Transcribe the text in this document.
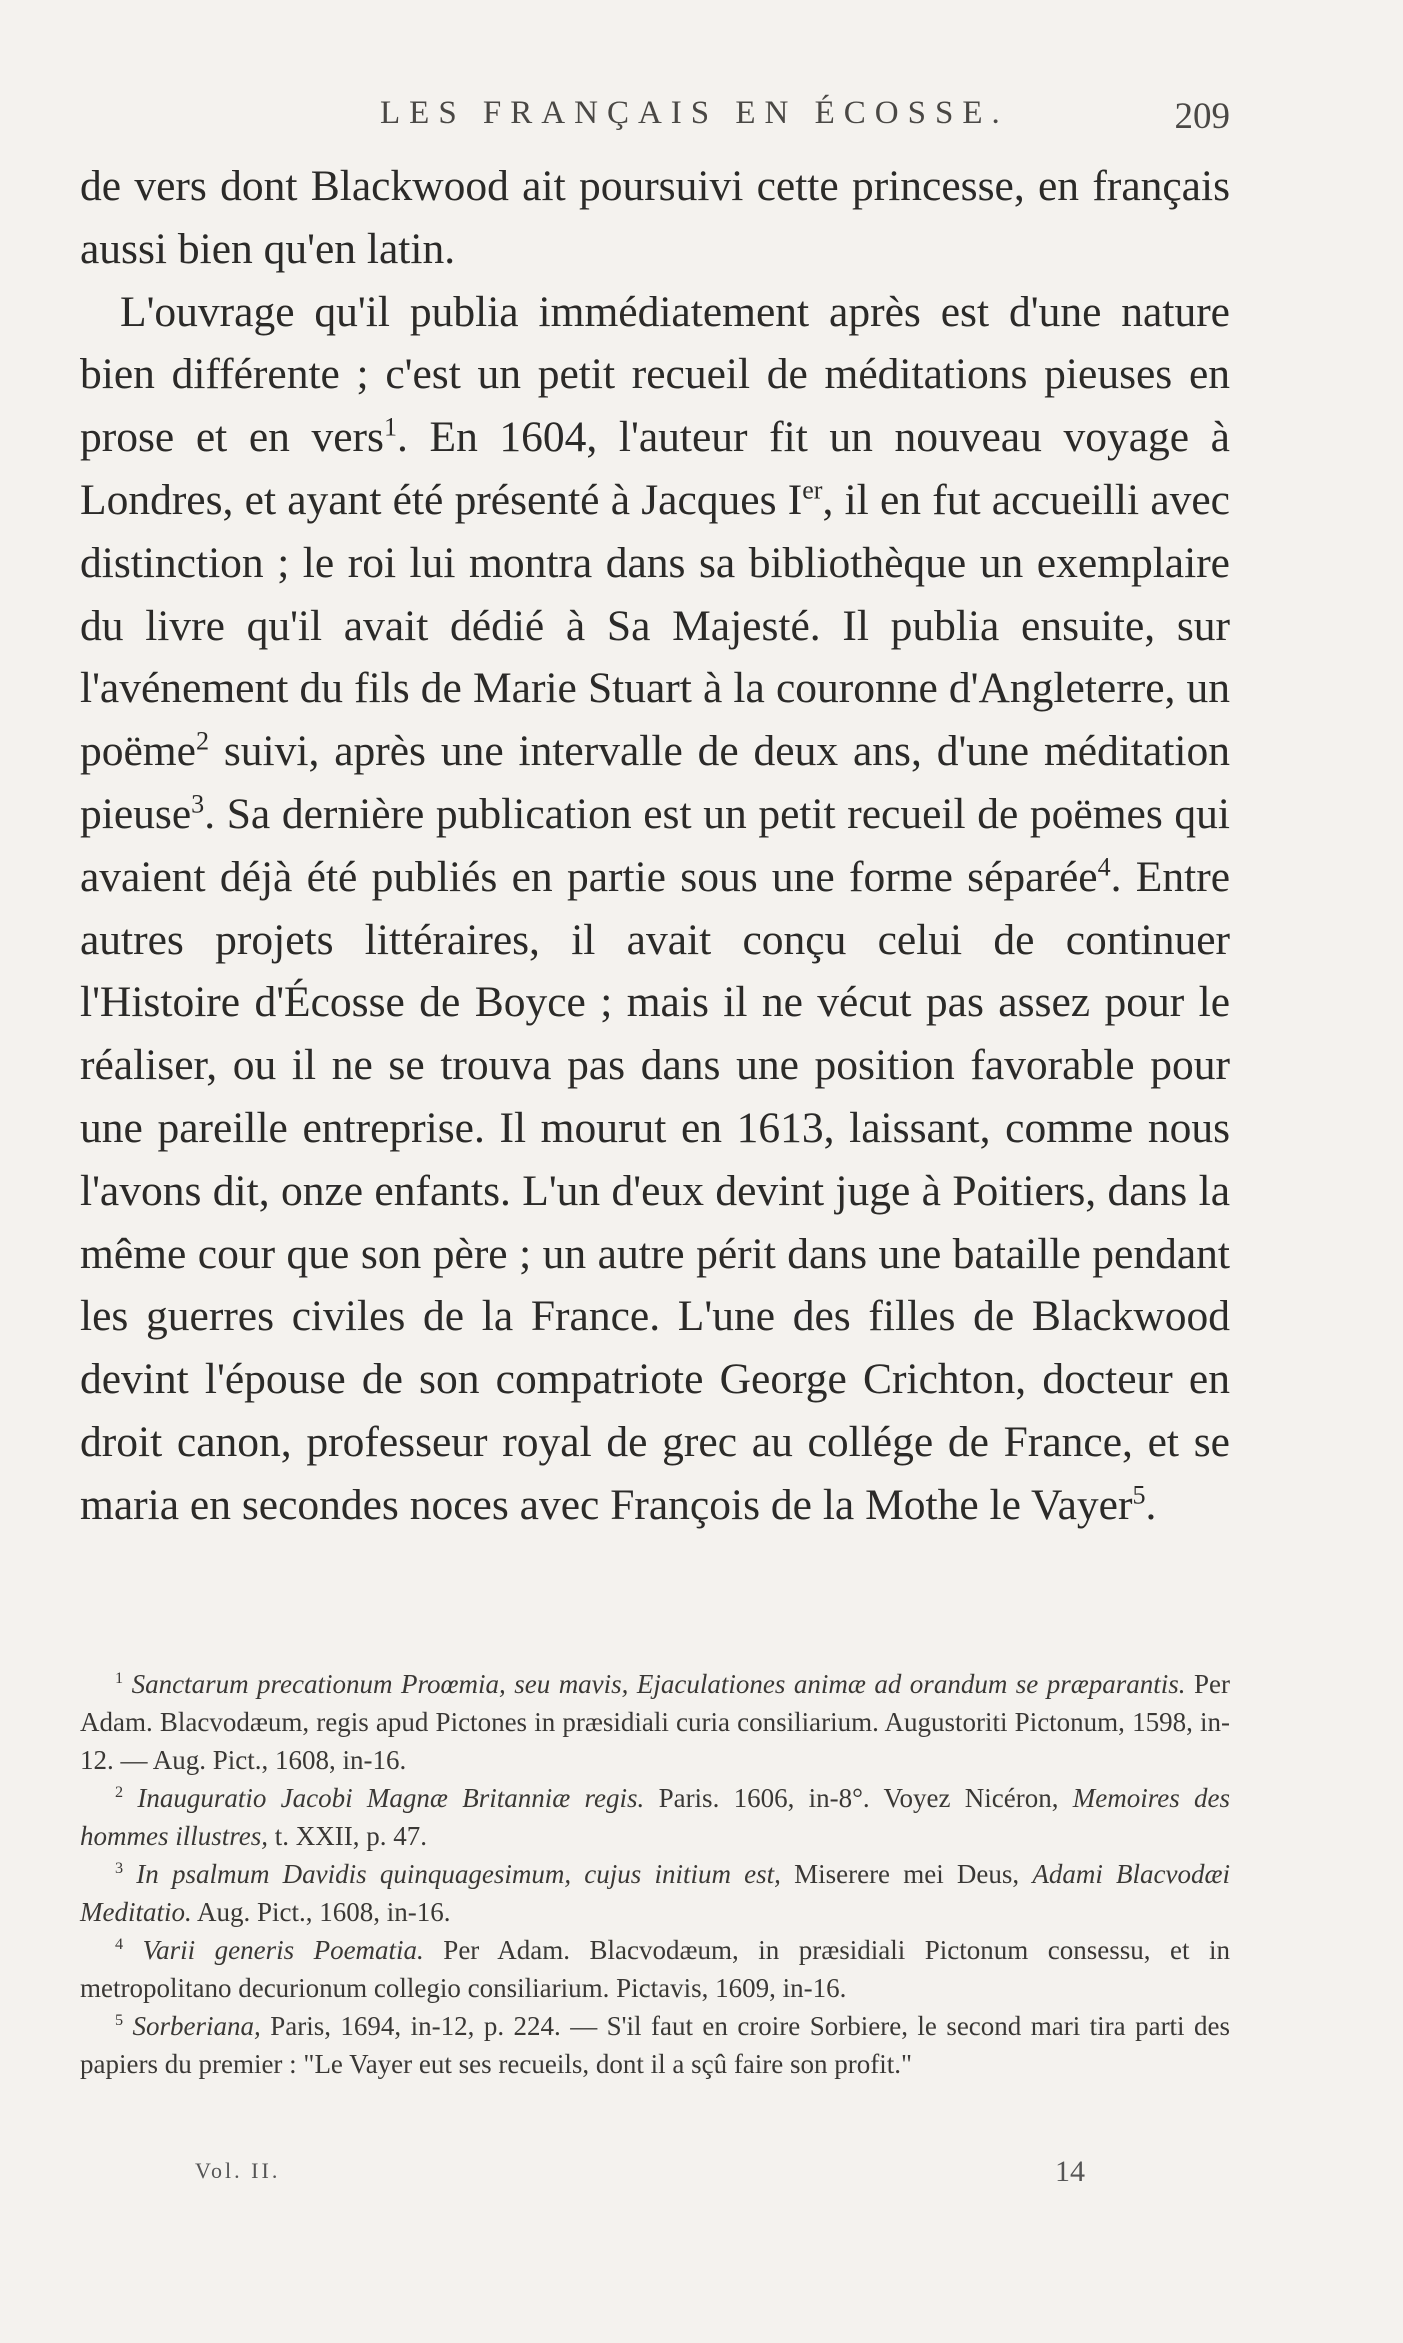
LES FRANÇAIS EN ÉCOSSE.	209

de vers dont Blackwood ait poursuivi cette princesse, en français aussi bien qu'en latin.

L'ouvrage qu'il publia immédiatement après est d'une nature bien différente ; c'est un petit recueil de méditations pieuses en prose et en vers$^1$. En 1604, l'auteur fit un nouveau voyage à Londres, et ayant été présenté à Jacques Ier, il en fut accueilli avec distinction ; le roi lui montra dans sa bibliothèque un exemplaire du livre qu'il avait dédié à Sa Majesté. Il publia ensuite, sur l'avénement du fils de Marie Stuart à la couronne d'Angleterre, un poëme$^2$ suivi, après une intervalle de deux ans, d'une méditation pieuse$^3$. Sa dernière publication est un petit recueil de poëmes qui avaient déjà été publiés en partie sous une forme séparée$^4$. Entre autres projets littéraires, il avait conçu celui de continuer l'Histoire d'Écosse de Boyce ; mais il ne vécut pas assez pour le réaliser, ou il ne se trouva pas dans une position favorable pour une pareille entreprise. Il mourut en 1613, laissant, comme nous l'avons dit, onze enfants. L'un d'eux devint juge à Poitiers, dans la même cour que son père ; un autre périt dans une bataille pendant les guerres civiles de la France. L'une des filles de Blackwood devint l'épouse de son compatriote George Crichton, docteur en droit canon, professeur royal de grec au collége de France, et se maria en secondes noces avec François de la Mothe le Vayer$^5$.

$^1$ Sanctarum precationum Proœmia, seu mavis, Ejaculationes animæ ad orandum se præparantis. Per Adam. Blacvodæum, regis apud Pictones in præsidiali curia consiliarium. Augustoriti Pictonum, 1598, in-12. — Aug. Pict., 1608, in-16.

$^2$ Inauguratio Jacobi Magnæ Britanniæ regis. Paris. 1606, in-8°. Voyez Nicéron, Memoires des hommes illustres, t. XXII, p. 47.

$^3$ In psalmum Davidis quinquagesimum, cujus initium est, Miserere mei Deus, Adami Blacvodæi Meditatio. Aug. Pict., 1608, in-16.

$^4$ Varii generis Poematia. Per Adam. Blacvodæum, in præsidiali Pictonum consessu, et in metropolitano decurionum collegio consiliarium. Pictavis, 1609, in-16.

$^5$ Sorberiana, Paris, 1694, in-12, p. 224. — S'il faut en croire Sorbiere, le second mari tira parti des papiers du premier : "Le Vayer eut ses recueils, dont il a sçû faire son profit."

Vol. II.	14
